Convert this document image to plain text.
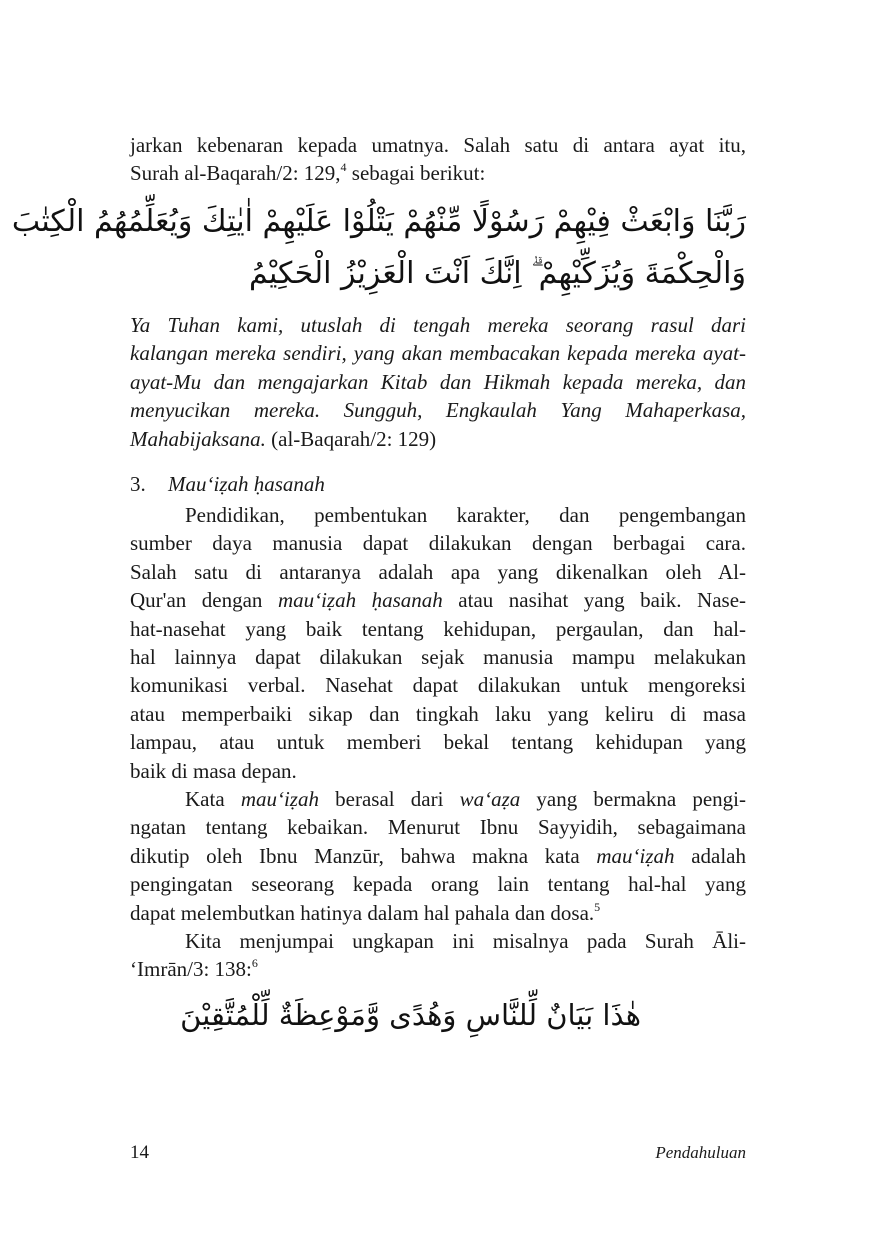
jarkan kebenaran kepada umatnya. Salah satu di antara ayat itu,
Surah al-Baqarah/2: 129,$^4$ sebagai berikut:
رَبَّنَا وَابْعَثْ فِيْهِمْ رَسُوْلًا مِّنْهُمْ يَتْلُوْا عَلَيْهِمْ اٰيٰتِكَ وَيُعَلِّمُهُمُ الْكِتٰبَ
وَالْحِكْمَةَ وَيُزَكِّيْهِمْ ۗ اِنَّكَ اَنْتَ الْعَزِيْزُ الْحَكِيْمُ
Ya Tuhan kami, utuslah di tengah mereka seorang rasul dari
kalangan mereka sendiri, yang akan membacakan kepada mereka ayat-
ayat-Mu dan mengajarkan Kitab dan Hikmah kepada mereka, dan
menyucikan mereka. Sungguh, Engkaulah Yang Mahaperkasa,
Mahabijaksana. (al-Baqarah/2: 129)
3. Mau‘iẓah ḥasanah
Pendidikan, pembentukan karakter, dan pengembangan
sumber daya manusia dapat dilakukan dengan berbagai cara.
Salah satu di antaranya adalah apa yang dikenalkan oleh Al-
Qur'an dengan mau‘iẓah ḥasanah atau nasihat yang baik. Nase-
hat-nasehat yang baik tentang kehidupan, pergaulan, dan hal-
hal lainnya dapat dilakukan sejak manusia mampu melakukan
komunikasi verbal. Nasehat dapat dilakukan untuk mengoreksi
atau memperbaiki sikap dan tingkah laku yang keliru di masa
lampau, atau untuk memberi bekal tentang kehidupan yang
baik di masa depan.
Kata mau‘iẓah berasal dari wa‘aẓa yang bermakna pengi-
ngatan tentang kebaikan. Menurut Ibnu Sayyidih, sebagaimana
dikutip oleh Ibnu Manzūr, bahwa makna kata mau‘iẓah adalah
pengingatan seseorang kepada orang lain tentang hal-hal yang
dapat melembutkan hatinya dalam hal pahala dan dosa.$^5$
Kita menjumpai ungkapan ini misalnya pada Surah Āli-
‘Imrān/3: 138:$^6$
هٰذَا بَيَانٌ لِّلنَّاسِ وَهُدًى وَّمَوْعِظَةٌ لِّلْمُتَّقِيْنَ
14	Pendahuluan
